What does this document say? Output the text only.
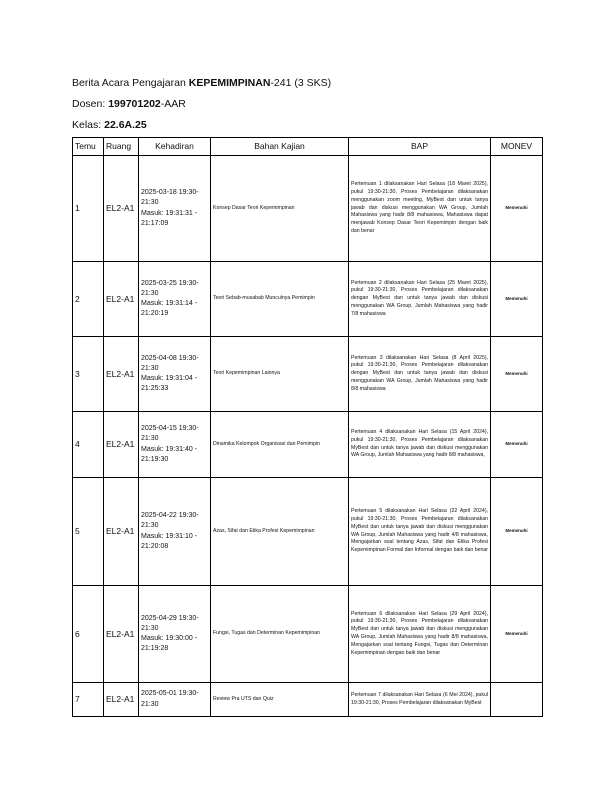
Berita Acara Pengajaran KEPEMIMPINAN-241 (3 SKS)
Dosen: 199701202-AAR
Kelas: 22.6A.25
Temu	Ruang	Kehadiran	Bahan Kajian	BAP	MONEV
1	EL2-A1	2025-03-18 19:30-21:30
Masuk: 19:31:31 - 21:17:09	Konsep Dasar Teori Kepemimpinan	Pertemuan 1 dilaksanakan Hari Selasa (18 Maret 2025), pukul 19:30-21:30, Proses Pembelajaran dilaksanakan menggunakan zoom meeting, MyBest dan untuk tanya jawab dan diskusi menggunakan WA Group, Jumlah Mahasiswa yang hadir 8/8 mahasiswa, Mahasiswa dapat menjawab Konsep Dasar Teori Kepemimpin dengan baik dan benar	Memenuhi
2	EL2-A1	2025-03-25 19:30-21:30
Masuk: 19:31:14 - 21:20:19	Teori Sebab-musabab Munculnya Pemimpin	Pertemuan 2 dilaksanakan Hari Selasa (25 Maret 2025), pukul 19:30-21:30, Proses Pembelajaran dilaksanakan dengan MyBest dan untuk tanya jawab dan diskusi menggunakan WA Group, Jumlah Mahasiswa yang hadir 7/8 mahasiswa	Memenuhi
3	EL2-A1	2025-04-08 19:30-21:30
Masuk: 19:31:04 - 21:25:33	Teori Kepemimpinan Lainnya	Pertemuan 3 dilaksanakan Hari Selasa (8 April 2025), pukul 19:30-21:30, Proses Pembelajaran dilaksanakan dengan MyBest dan untuk tanya jawab dan diskusi menggunakan WA Group, Jumlah Mahasiswa yang hadir 8/8 mahasiswa	Memenuhi
4	EL2-A1	2025-04-15 19:30-21:30
Masuk: 19:31:40 - 21:19:30	Dinamika Kelompok Organisasi dan Pemimpin	Pertemuan 4 dilaksanakan Hari Selasa (15 April 2024), pukul 19:30-21:30, Proses Pembelajaran dilaksanakan MyBest dan untuk tanya jawab dan diskusi menggunakan WA Group, Jumlah Mahasiswa yang hadir 8/8 mahasiswa,	Memenuhi
5	EL2-A1	2025-04-22 19:30-21:30
Masuk: 19:31:10 - 21:20:08	Azas, Sifat dan Etika Profesi Kepemimpinan	Pertemuan 5 dilaksanakan Hari Selasa (22 April 2024), pukul 19:30-21:30, Proses Pembelajaran dilaksanakan MyBest dan untuk tanya jawab dan diskusi menggunakan WA Group, Jumlah Mahasiswa yang hadir 4/8 mahasiswa, Mengajarkan soal tentang Azas, Sifat dan Etika Profesi Kepemimpinan Formal dan Informal dengan baik dan benar	Memenuhi
6	EL2-A1	2025-04-29 19:30-21:30
Masuk: 19:30:00 - 21:19:28	Fungsi, Tugas dan Determinan Kepemimpinan	Pertemuan 6 dilaksanakan Hari Selasa (29 April 2024), pukul 19:30-21:30, Proses Pembelajaran dilaksanakan MyBest dan untuk tanya jawab dan diskusi menggunakan WA Group, Jumlah Mahasiswa yang hadir 8/8 mahasiswa, Mengajarkan soal tentang Fungsi, Tugas dan Determinan Kepemimpinan dengan baik dan benar	Memenuhi
7	EL2-A1	2025-05-01 19:30-21:30	Review Pra UTS dan Quiz	Pertemuan 7 dilaksanakan Hari Selasa (6 Mei 2024), pukul 19:30-21:30, Proses Pembelajaran dilaksanakan MyBest	
